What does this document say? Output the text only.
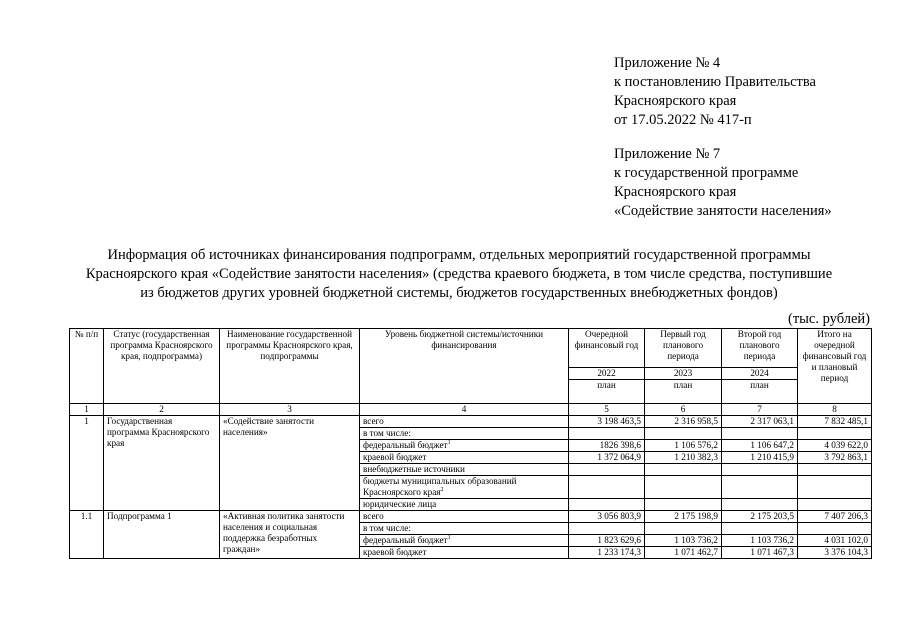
Приложение № 4
к постановлению Правительства
Красноярского края
от 17.05.2022 № 417-п
Приложение № 7
к государственной программе
Красноярского края
«Содействие занятости населения»
Информация об источниках финансирования подпрограмм, отдельных мероприятий государственной программы
Красноярского края «Содействие занятости населения» (средства краевого бюджета, в том числе средства, поступившие
из бюджетов других уровней бюджетной системы, бюджетов государственных внебюджетных фондов)
(тыс. рублей)
№ п/п	Статус (государственная программа Красноярского края, подпрограмма)	Наименование государственной программы Красноярского края, подпрограммы	Уровень бюджетной системы/источники финансирования	Очередной финансовый год	Первый год планового периода	Второй год планового периода	Итого на очередной финансовый год и плановый период
				2022	2023	2024	
				план	план	план	
1	2	3	4	5	6	7	8
1	Государственная программа Красноярского края	«Содействие занятости населения»	всего	3 198 463,5	2 316 958,5	2 317 063,1	7 832 485,1
			в том числе:				
			федеральный бюджет$^1$	1826 398,6	1 106 576,2	1 106 647,2	4 039 622,0
			краевой бюджет	1 372 064,9	1 210 382,3	1 210 415,9	3 792 863,1
			внебюджетные источники				
			бюджеты муниципальных образований Красноярского края$^2$				
			юридические лица				
1.1	Подпрограмма 1	«Активная политика занятости населения и социальная поддержка безработных граждан»	всего	3 056 803,9	2 175 198,9	2 175 203,5	7 407 206,3
			в том числе:				
			федеральный бюджет$^1$	1 823 629,6	1 103 736,2	1 103 736,2	4 031 102,0
			краевой бюджет	1 233 174,3	1 071 462,7	1 071 467,3	3 376 104,3
